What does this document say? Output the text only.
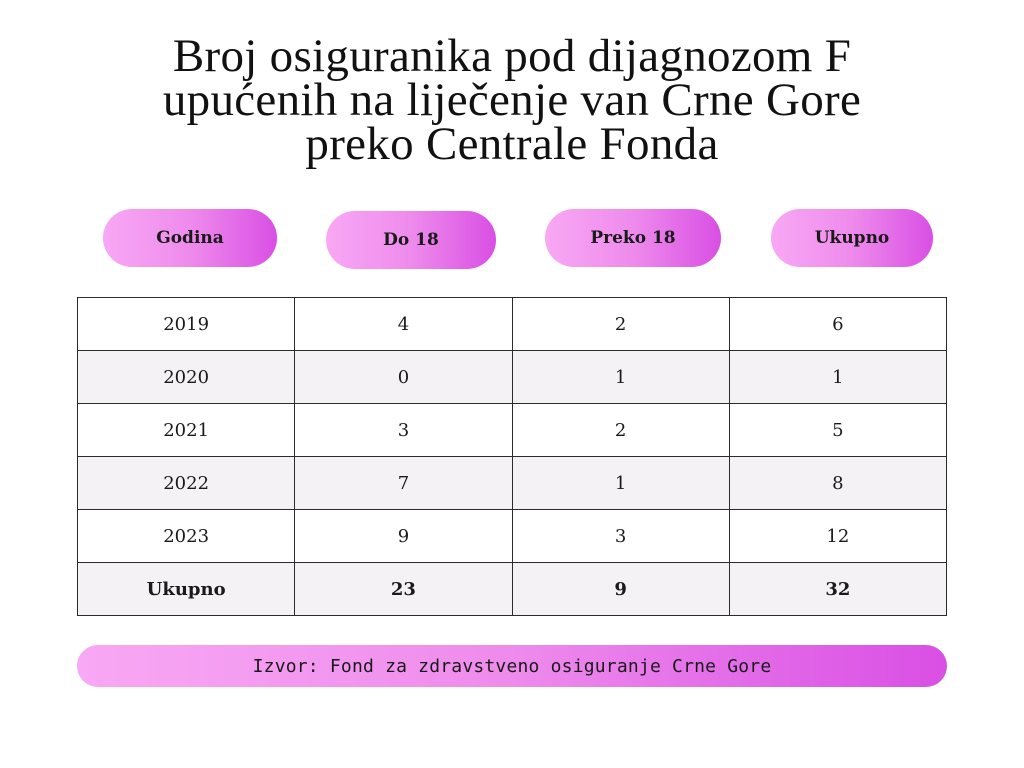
Broj osiguranika pod dijagnozom F
upućenih na liječenje van Crne Gore
preko Centrale Fonda
Godina	Do 18	Preko 18	Ukupno
2019	4	2	6
2020	0	1	1
2021	3	2	5
2022	7	1	8
2023	9	3	12
Ukupno	23	9	32
Izvor: Fond za zdravstveno osiguranje Crne Gore
